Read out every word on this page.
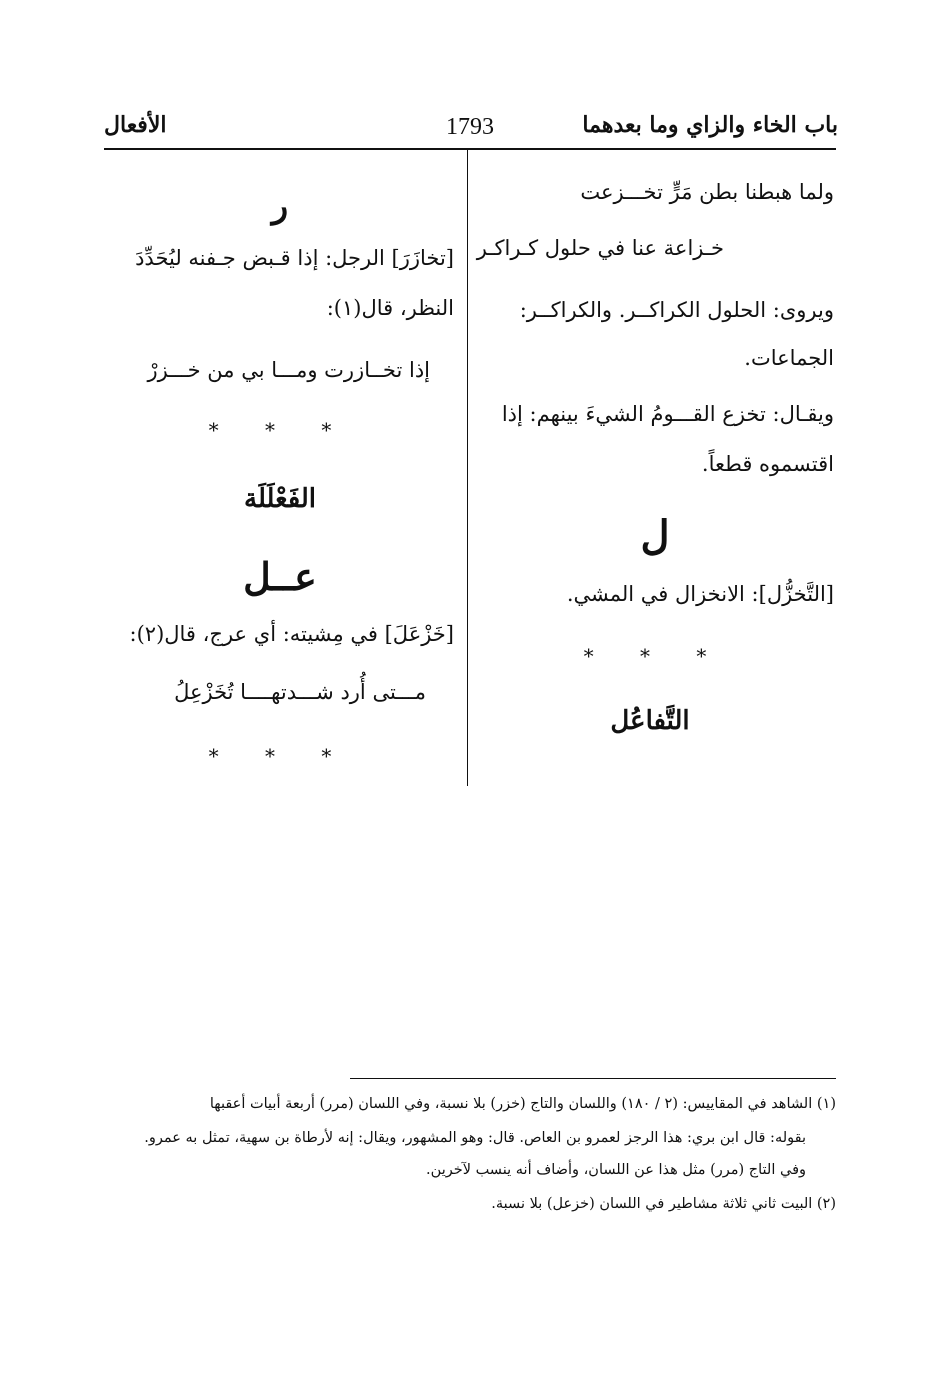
الأفعال	1793	باب الخاء والزاي وما بعدهما
ولما هبطنا بطن مَرٍّ تخـــزعت
خـزاعة عنا في حلول كـراكـر
ويروى: الحلول الكراكــر. والكراكــر:
الجماعات.
ويقـال: تخزع القـــومُ الشيءَ بينهم: إذا
اقتسموه قطعاً.
ل
[التَّخزُّل]: الانخزال في المشي.
* * *
التَّفاعُل
ر
[تخازَرَ] الرجل: إذا قـبض جـفنه ليُحَدِّدَ
النظر، قال(١):
إذا تخــازرت ومـــا بي من خـــزرْ
* * *
الفَعْلَلَة
عــل
[خَزْعَلَ] في مِشيته: أي عرج، قال(٢):
مـــتى أُرد شـــدتهــــا تُخَزْعِلُ
* * *
(١) الشاهد في المقاييس: (٢ / ١٨٠) واللسان والتاج (خزر) بلا نسبة، وفي اللسان (مرر) أربعة أبيات أعقبها
بقوله: قال ابن بري: هذا الرجز لعمرو بن العاص. قال: وهو المشهور، ويقال: إنه لأرطاة بن سهية، تمثل به عمرو.
وفي التاج (مرر) مثل هذا عن اللسان، وأضاف أنه ينسب لآخرين.
(٢) البيت ثاني ثلاثة مشاطير في اللسان (خزعل) بلا نسبة.
